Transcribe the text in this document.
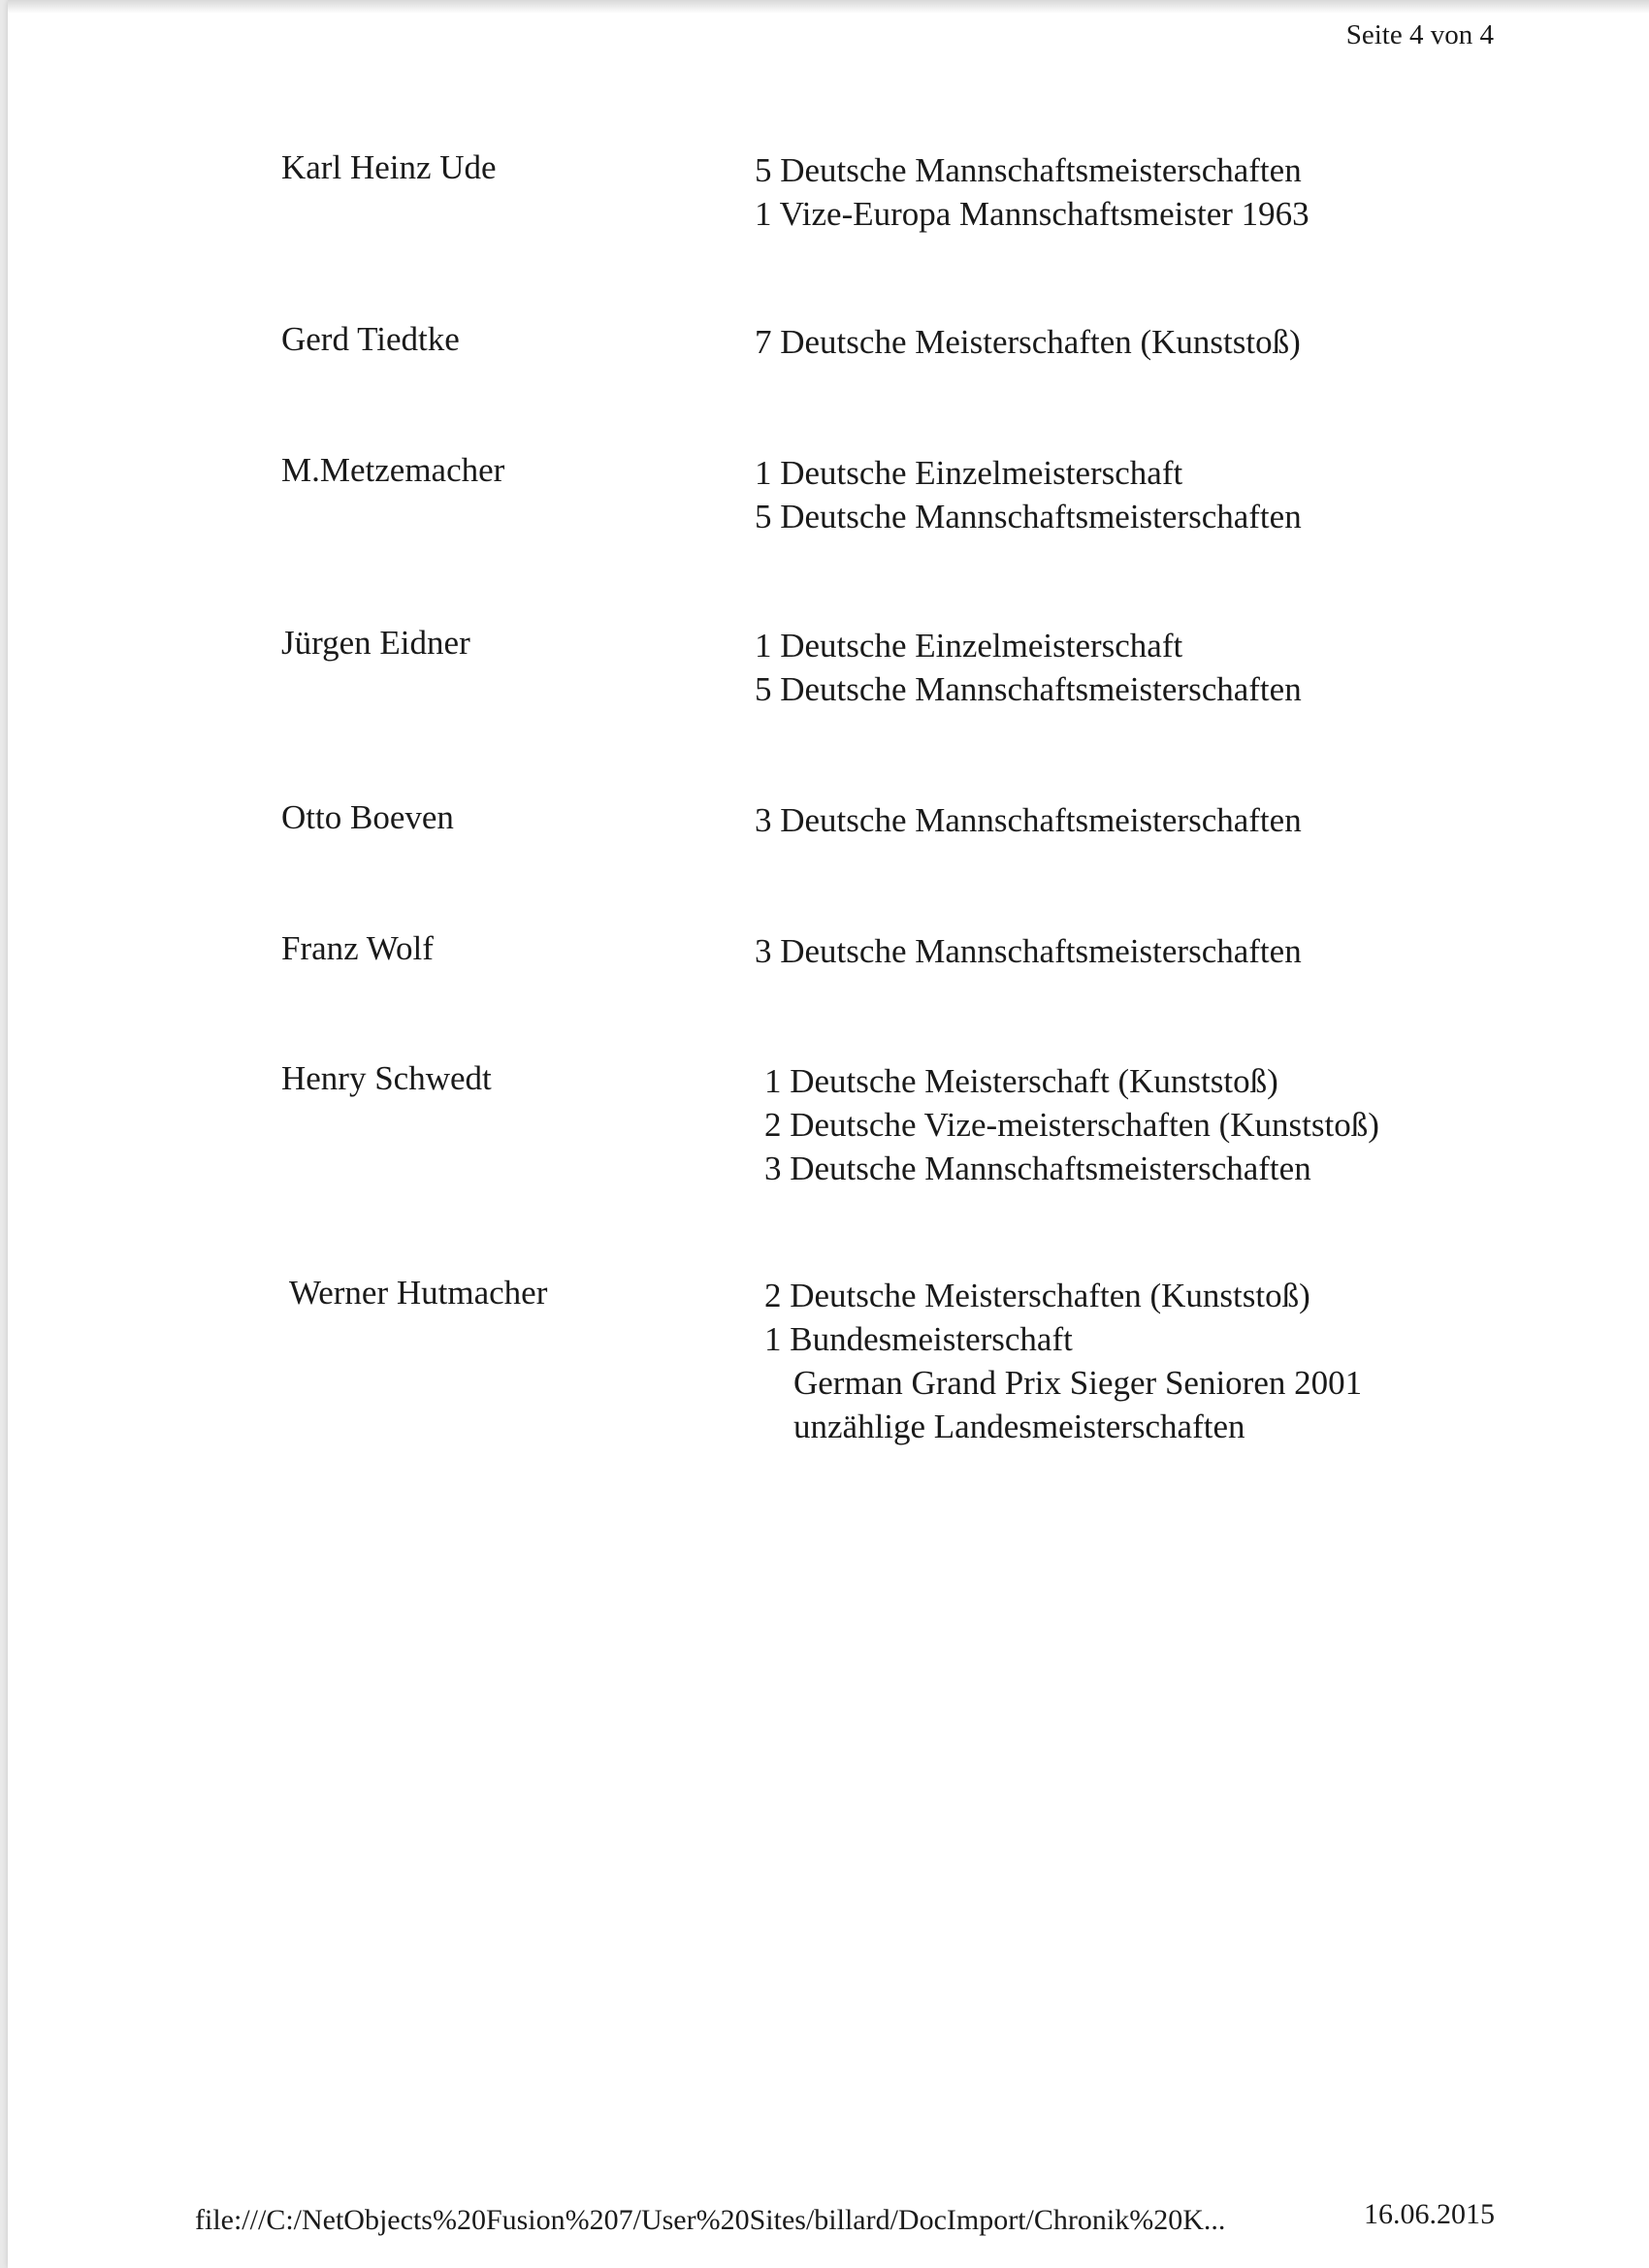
Seite 4 von 4
Karl Heinz Ude	5 Deutsche Mannschaftsmeisterschaften
1 Vize-Europa Mannschaftsmeister 1963
Gerd Tiedtke	7 Deutsche Meisterschaften (Kunststoß)
M.Metzemacher	1 Deutsche Einzelmeisterschaft
5 Deutsche Mannschaftsmeisterschaften
Jürgen Eidner	1 Deutsche Einzelmeisterschaft
5 Deutsche Mannschaftsmeisterschaften
Otto Boeven	3 Deutsche Mannschaftsmeisterschaften
Franz Wolf	3 Deutsche Mannschaftsmeisterschaften
Henry Schwedt	1 Deutsche Meisterschaft (Kunststoß)
2 Deutsche Vize-meisterschaften (Kunststoß)
3 Deutsche Mannschaftsmeisterschaften
Werner Hutmacher	2 Deutsche Meisterschaften (Kunststoß)
1 Bundesmeisterschaft
German Grand Prix Sieger Senioren 2001
unzählige Landesmeisterschaften
file:///C:/NetObjects%20Fusion%207/User%20Sites/billard/DocImport/Chronik%20K...	16.06.2015
